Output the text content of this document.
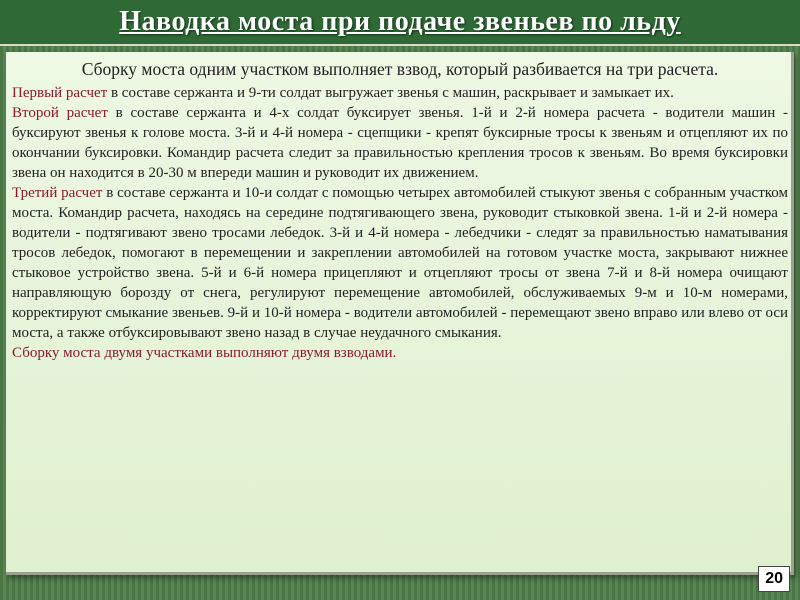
Наводка моста при подаче звеньев по льду

Сборку моста одним участком выполняет взвод, который разбивается на три расчета.

Первый расчет в составе сержанта и 9-ти солдат выгружает звенья с машин, раскрывает и замыкает их.

Второй расчет в составе сержанта и 4-х солдат буксирует звенья. 1-й и 2-й номера расчета - водители машин - буксируют звенья к голове моста. 3-й и 4-й номера - сцепщики - крепят буксирные тросы к звеньям и отцепляют их по окончании буксировки. Командир расчета следит за правильностью крепления тросов к звеньям. Во время буксировки звена он находится в 20-30 м впереди машин и руководит их движением.

Третий расчет в составе сержанта и 10-и солдат с помощью четырех автомобилей стыкуют звенья с собранным участком моста. Командир расчета, находясь на середине подтягивающего звена, руководит стыковкой звена. 1-й и 2-й номера - водители - подтягивают звено тросами лебедок. 3-й и 4-й номера - лебедчики - следят за правильностью наматывания тросов лебедок, помогают в перемещении и закреплении автомобилей на готовом участке моста, закрывают нижнее стыковое устройство звена. 5-й и 6-й номера прицепляют и отцепляют тросы от звена 7-й и 8-й номера очищают направляющую борозду от снега, регулируют перемещение автомобилей, обслуживаемых 9-м и 10-м номерами, корректируют смыкание звеньев. 9-й и 10-й номера - водители автомобилей - перемещают звено вправо или влево от оси моста, а также отбуксировывают звено назад в случае неудачного смыкания.

Сборку моста двумя участками выполняют двумя взводами.

20
